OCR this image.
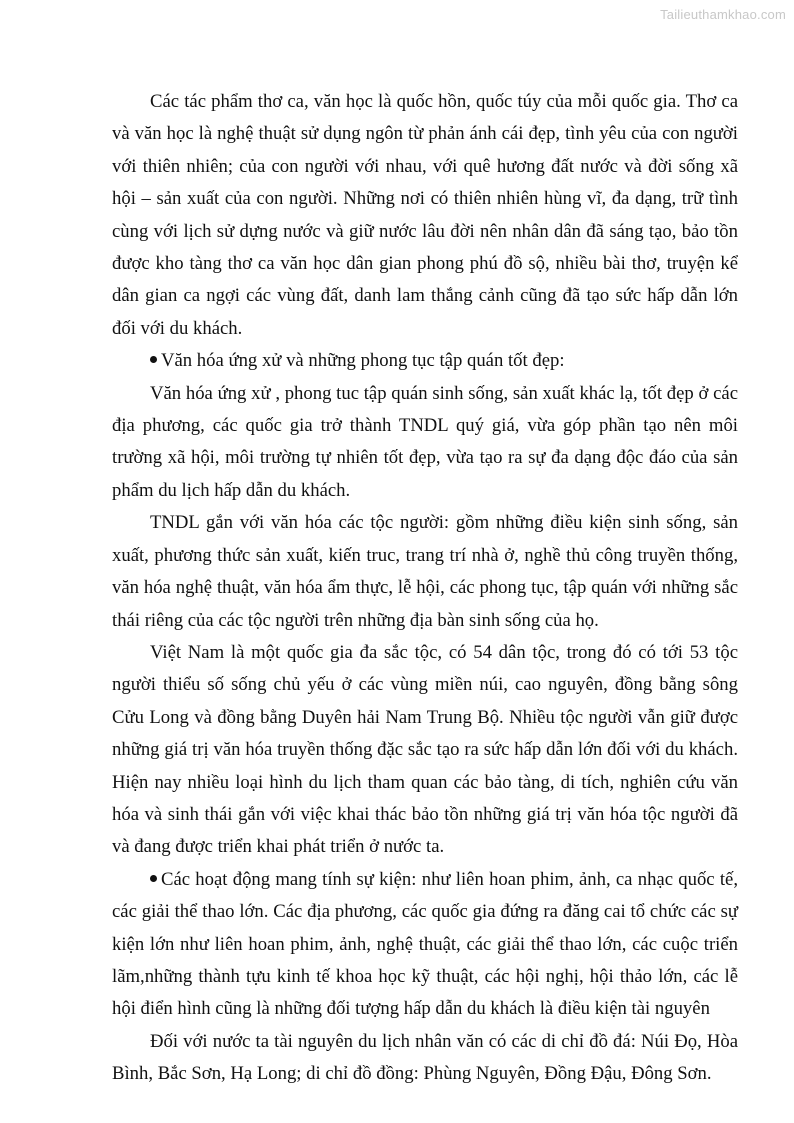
Tailieuthamkhao.com

Các tác phẩm thơ ca, văn học là quốc hồn, quốc túy của mỗi quốc gia. Thơ ca và văn học là nghệ thuật sử dụng ngôn từ phản ánh cái đẹp, tình yêu của con người với thiên nhiên; của con người với nhau, với quê hương đất nước và đời sống xã hội – sản xuất của con người. Những nơi có thiên nhiên hùng vĩ, đa dạng, trữ tình cùng với lịch sử dựng nước và giữ nước lâu đời nên nhân dân đã sáng tạo, bảo tồn được kho tàng thơ ca văn học dân gian phong phú đồ sộ, nhiều bài thơ, truyện kể dân gian ca ngợi các vùng đất, danh lam thắng cảnh cũng đã tạo sức hấp dẫn lớn đối với du khách.

Văn hóa ứng xử và những phong tục tập quán tốt đẹp:

Văn hóa ứng xử , phong tuc tập quán sinh sống, sản xuất khác lạ, tốt đẹp ở các địa phương, các quốc gia trở thành TNDL quý giá, vừa góp phần tạo nên môi trường xã hội, môi trường tự nhiên tốt đẹp, vừa tạo ra sự đa dạng độc đáo của sản phẩm du lịch hấp dẫn du khách.

TNDL gắn với văn hóa các tộc người: gồm những điều kiện sinh sống, sản xuất, phương thức sản xuất, kiến truc, trang trí nhà ở, nghề thủ công truyền thống, văn hóa nghệ thuật, văn hóa ẩm thực, lễ hội, các phong tục, tập quán với những sắc thái riêng của các tộc người trên những địa bàn sinh sống của họ.

Việt Nam là một quốc gia đa sắc tộc, có 54 dân tộc, trong đó có tới 53 tộc người thiểu số sống chủ yếu ở các vùng miền núi, cao nguyên, đồng bằng sông Cửu Long và đồng bằng Duyên hải Nam Trung Bộ. Nhiều tộc người vẫn giữ được những giá trị văn hóa truyền thống đặc sắc tạo ra sức hấp dẫn lớn đối với du khách. Hiện nay nhiều loại hình du lịch tham quan các bảo tàng, di tích, nghiên cứu văn hóa và sinh thái gắn với việc khai thác bảo tồn những giá trị văn hóa tộc người đã và đang được triển khai phát triển ở nước ta.

Các hoạt động mang tính sự kiện: như liên hoan phim, ảnh, ca nhạc quốc tế, các giải thể thao lớn. Các địa phương, các quốc gia đứng ra đăng cai tổ chức các sự kiện lớn như liên hoan phim, ảnh, nghệ thuật, các giải thể thao lớn, các cuộc triển lãm,những thành tựu kinh tế khoa học kỹ thuật, các hội nghị, hội thảo lớn, các lễ hội điển hình cũng là những đối tượng hấp dẫn du khách là điều kiện tài nguyên

Đối với nước ta tài nguyên du lịch nhân văn có các di chỉ đồ đá: Núi Đọ, Hòa Bình, Bắc Sơn, Hạ Long; di chỉ đồ đồng: Phùng Nguyên, Đồng Đậu, Đông Sơn.
